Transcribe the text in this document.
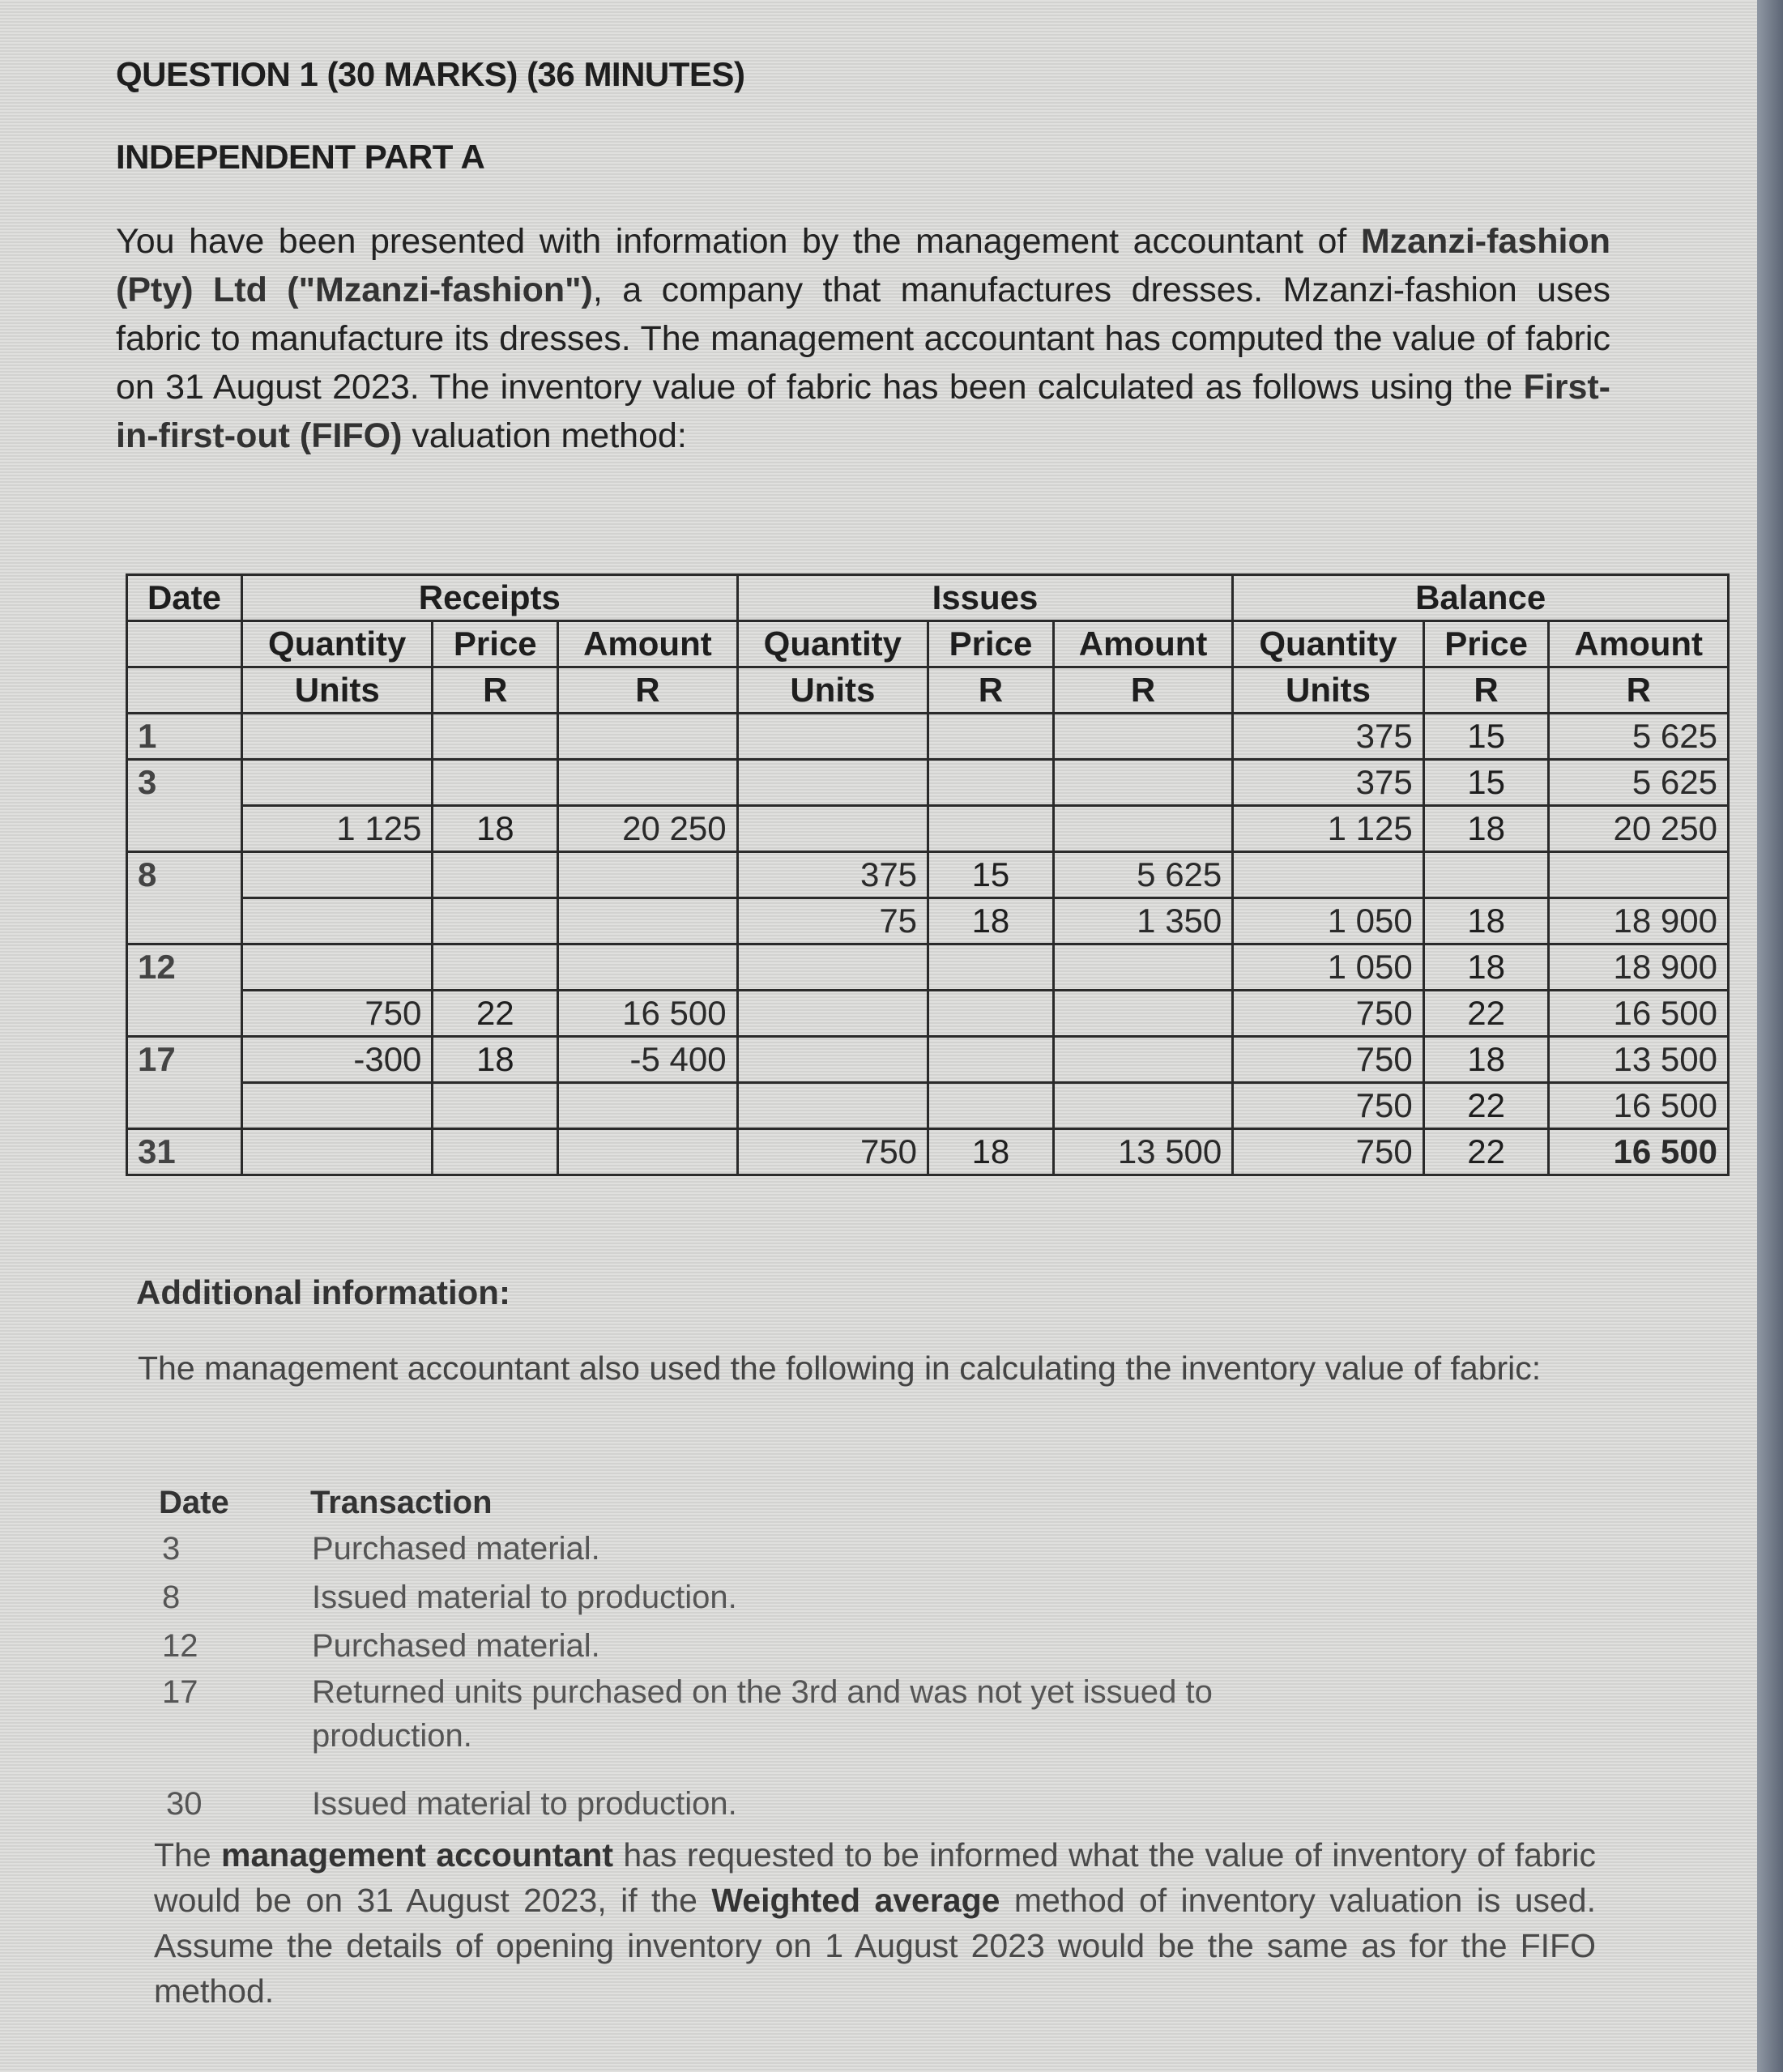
QUESTION 1 (30 MARKS) (36 MINUTES)
INDEPENDENT PART A
You have been presented with information by the management accountant of Mzanzi-fashion (Pty) Ltd ("Mzanzi-fashion"), a company that manufactures dresses. Mzanzi-fashion uses fabric to manufacture its dresses. The management accountant has computed the value of fabric on 31 August 2023. The inventory value of fabric has been calculated as follows using the First-in-first-out (FIFO) valuation method:
Date	Receipts			Issues			Balance		
	Quantity	Price	Amount	Quantity	Price	Amount	Quantity	Price	Amount
	Units	R	R	Units	R	R	Units	R	R
1							375	15	5 625
3							375	15	5 625
	1 125	18	20 250				1 125	18	20 250
8				375	15	5 625			
				75	18	1 350	1 050	18	18 900
12							1 050	18	18 900
	750	22	16 500				750	22	16 500
17	-300	18	-5 400				750	18	13 500
							750	22	16 500
31				750	18	13 500	750	22	16 500
Additional information:
The management accountant also used the following in calculating the inventory value of fabric:
Date	Transaction
3	Purchased material.
8	Issued material to production.
12	Purchased material.
17	Returned units purchased on the 3rd and was not yet issued to production.
30	Issued material to production.
The management accountant has requested to be informed what the value of inventory of fabric would be on 31 August 2023, if the Weighted average method of inventory valuation is used. Assume the details of opening inventory on 1 August 2023 would be the same as for the FIFO method.
